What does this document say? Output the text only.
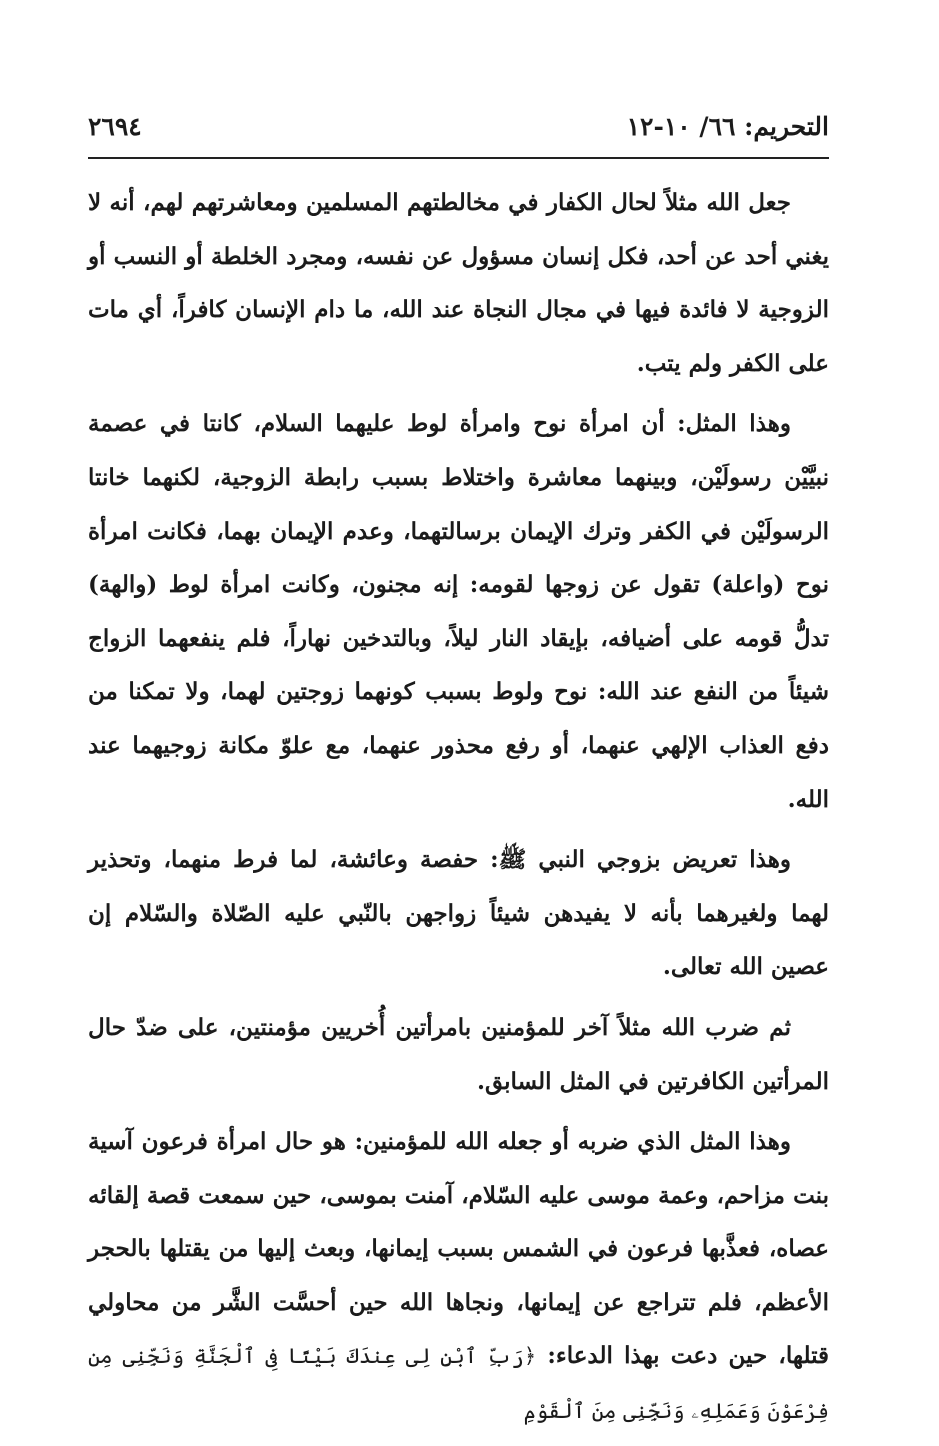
التحريم: ٦٦/ ١٠-١٢
٢٦٩٤

جعل الله مثلاً لحال الكفار في مخالطتهم المسلمين ومعاشرتهم لهم، أنه لا يغني أحد عن أحد، فكل إنسان مسؤول عن نفسه، ومجرد الخلطة أو النسب أو الزوجية لا فائدة فيها في مجال النجاة عند الله، ما دام الإنسان كافراً، أي مات على الكفر ولم يتب.

وهذا المثل: أن امرأة نوح وامرأة لوط عليهما السلام، كانتا في عصمة نبيَّيْن رسولَيْن، وبينهما معاشرة واختلاط بسبب رابطة الزوجية، لكنهما خانتا الرسولَيْن في الكفر وترك الإيمان برسالتهما، وعدم الإيمان بهما، فكانت امرأة نوح (واعلة) تقول عن زوجها لقومه: إنه مجنون، وكانت امرأة لوط (والهة) تدلُّ قومه على أضيافه، بإيقاد النار ليلاً، وبالتدخين نهاراً، فلم ينفعهما الزواج شيئاً من النفع عند الله: نوح ولوط بسبب كونهما زوجتين لهما، ولا تمكنا من دفع العذاب الإلهي عنهما، أو رفع محذور عنهما، مع علوّ مكانة زوجيهما عند الله.

وهذا تعريض بزوجي النبي ﷺ: حفصة وعائشة، لما فرط منهما، وتحذير لهما ولغيرهما بأنه لا يفيدهن شيئاً زواجهن بالنّبي عليه الصّلاة والسّلام إن عصين الله تعالى.

ثم ضرب الله مثلاً آخر للمؤمنين بامرأتين أُخريين مؤمنتين، على ضدّ حال المرأتين الكافرتين في المثل السابق.

وهذا المثل الذي ضربه أو جعله الله للمؤمنين: هو حال امرأة فرعون آسية بنت مزاحم، وعمة موسى عليه السّلام، آمنت بموسى، حين سمعت قصة إلقائه عصاه، فعذَّبها فرعون في الشمس بسبب إيمانها، وبعث إليها من يقتلها بالحجر الأعظم، فلم تتراجع عن إيمانها، ونجاها الله حين أحسَّت الشَّر من محاولي قتلها، حين دعت بهذا الدعاء: ﴿رَبِّ ٱبْنِ لِى عِندَكَ بَيْتًا فِى ٱلْجَنَّةِ وَنَجِّنِى مِن فِرْعَوْنَ وَعَمَلِهِۦ وَنَجِّنِى مِنَ ٱلْقَوْمِ
